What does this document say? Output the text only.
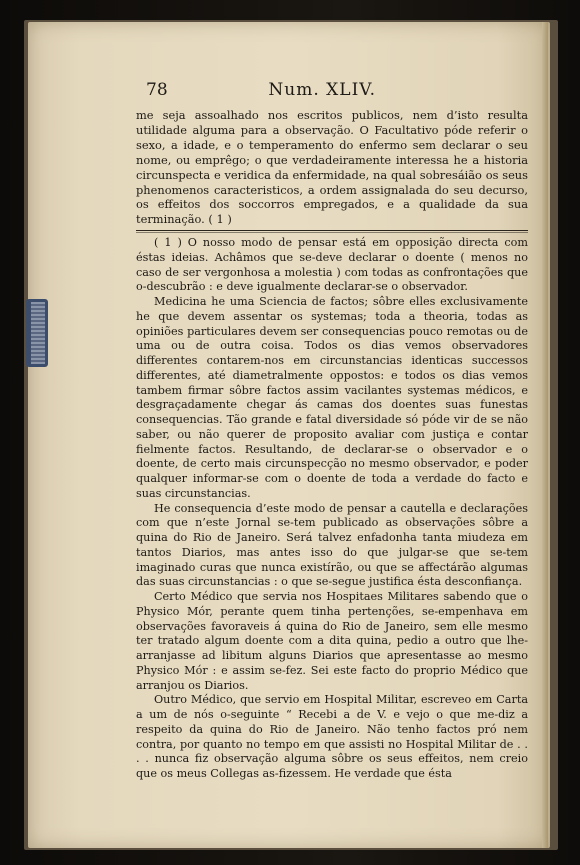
78	Num. XLIV.

me seja assoalhado nos escritos publicos, nem d’isto resulta utilidade alguma para a observação. O Facultativo póde referir o sexo, a idade, e o temperamento do enfermo sem declarar o seu nome, ou emprêgo; o que verdadeiramente interessa he a historia circunspecta e veridica da enfermidade, na qual sobresáião os seus phenomenos caracteristicos, a ordem assignalada do seu decurso, os effeitos dos soccorros empregados, e a qualidade da sua terminação. ( 1 )

( 1 ) O nosso modo de pensar está em opposição directa com éstas ideias. Achâmos que se-deve declarar o doente ( menos no caso de ser vergonhosa a molestia ) com todas as confrontações que o-descubrão : e deve igualmente declarar-se o observador.

Medicina he uma Sciencia de factos; sôbre elles exclusivamente he que devem assentar os systemas; toda a theoria, todas as opiniões particulares devem ser consequencias pouco remotas ou de uma ou de outra coisa. Todos os dias vemos observadores differentes contarem-nos em circunstancias identicas successos differentes, até diametralmente oppostos: e todos os dias vemos tambem firmar sôbre factos assim vacilantes systemas médicos, e desgraçadamente chegar ás camas dos doentes suas funestas consequencias. Tão grande e fatal diversidade só póde vir de se não saber, ou não querer de proposito avaliar com justiça e contar fielmente factos. Resultando, de declarar-se o observador e o doente, de certo mais circunspecção no mesmo observador, e poder qualquer informar-se com o doente de toda a verdade do facto e suas circunstancias.

He consequencia d’este modo de pensar a cautella e declarações com que n’este Jornal se-tem publicado as observações sôbre a quina do Rio de Janeiro. Será talvez enfadonha tanta miudeza em tantos Diarios, mas antes isso do que julgar-se que se-tem imaginado curas que nunca existírão, ou que se affectárão algumas das suas circunstancias : o que se-segue justifica ésta desconfiança.

Certo Médico que servia nos Hospitaes Militares sabendo que o Physico Mór, perante quem tinha pertenções, se-empenhava em observações favoraveis á quina do Rio de Janeiro, sem elle mesmo ter tratado algum doente com a dita quina, pedio a outro que lhe-arranjasse ad libitum alguns Diarios que apresentasse ao mesmo Physico Mór : e assim se-fez. Sei este facto do proprio Médico que arranjou os Diarios.

Outro Médico, que servio em Hospital Militar, escreveo em Carta a um de nós o-seguinte “ Recebi a de V. e vejo o que me-diz a respeito da quina do Rio de Janeiro. Não tenho factos pró nem contra, por quanto no tempo em que assisti no Hospital Militar de . . . . nunca fiz observação alguma sôbre os seus effeitos, nem creio que os meus Collegas as-fizessem. He verdade que ésta
